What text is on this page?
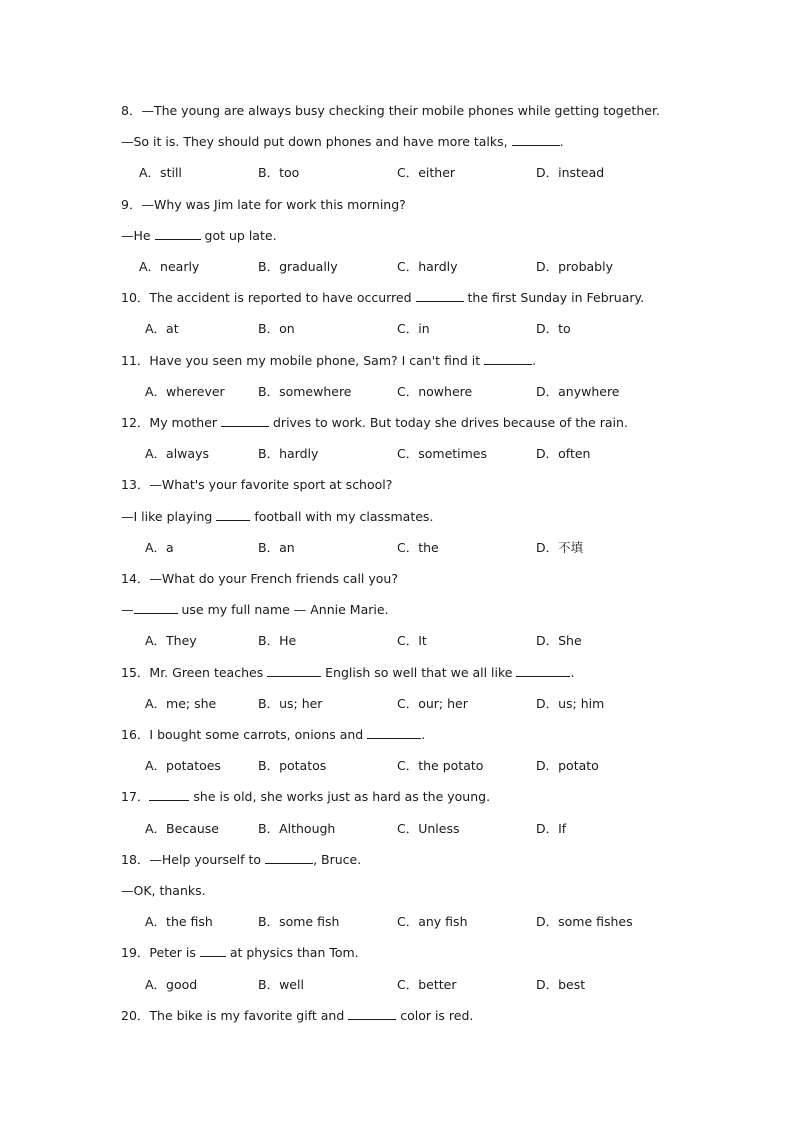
8．—The young are always busy checking their mobile phones while getting together.
—So it is. They should put down phones and have more talks,	.
A．still	B．too	C．either	D．instead
9．—Why was Jim late for work this morning?
—He	got up late.
A．nearly	B．gradually	C．hardly	D．probably
10．The accident is reported to have occurred	the first Sunday in February.
A．at	B．on	C．in	D．to
11．Have you seen my mobile phone, Sam? I can't find it	.
A．wherever	B．somewhere	C．nowhere	D．anywhere
12．My mother	drives to work. But today she drives because of the rain.
A．always	B．hardly	C．sometimes	D．often
13．—What's your favorite sport at school?
—I like playing	football with my classmates.
A．a	B．an	C．the	D．不填
14．—What do your French friends call you?
—	use my full name — Annie Marie.
A．They	B．He	C．It	D．She
15．Mr. Green teaches	English so well that we all like	.
A．me; she	B．us; her	C．our; her	D．us; him
16．I bought some carrots, onions and	.
A．potatoes	B．potatos	C．the potato	D．potato
17．	she is old, she works just as hard as the young.
A．Because	B．Although	C．Unless	D．If
18．—Help yourself to	, Bruce.
—OK, thanks.
A．the fish	B．some fish	C．any fish	D．some fishes
19．Peter is  at physics than Tom.
A．good	B．well	C．better	D．best
20．The bike is my favorite gift and	color is red.
